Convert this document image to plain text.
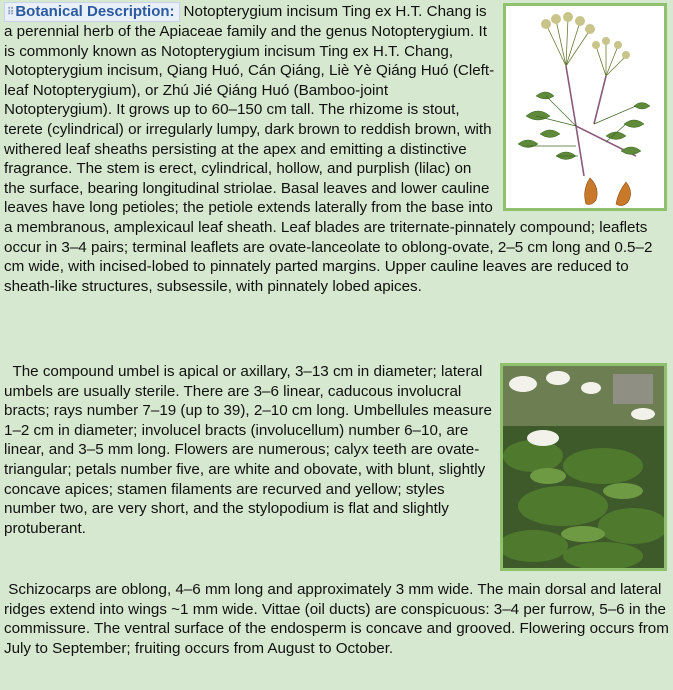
⠿ Botanical Description: Notopterygium incisum Ting ex H.T. Chang is a perennial herb of the Apiaceae family and the genus Notopterygium. It is commonly known as Notopterygium incisum Ting ex H.T. Chang, Notopterygium incisum, Qiang Huó, Cán Qiáng, Liè Yè Qiáng Huó (Cleft-leaf Notopterygium), or Zhú Jié Qiáng Huó (Bamboo-joint Notopterygium). It grows up to 60–150 cm tall. The rhizome is stout, terete (cylindrical) or irregularly lumpy, dark brown to reddish brown, with withered leaf sheaths persisting at the apex and emitting a distinctive fragrance. The stem is erect, cylindrical, hollow, and purplish (lilac) on the surface, bearing longitudinal striolae. Basal leaves and lower cauline leaves have long petioles; the petiole extends laterally from the base into a membranous, amplexicaul leaf sheath. Leaf blades are triternate-pinnately compound; leaflets occur in 3–4 pairs; terminal leaflets are ovate-lanceolate to oblong-ovate, 2–5 cm long and 0.5–2 cm wide, with incised-lobed to pinnately parted margins. Upper cauline leaves are reduced to sheath-like structures, subsessile, with pinnately lobed apices.

The compound umbel is apical or axillary, 3–13 cm in diameter; lateral umbels are usually sterile. There are 3–6 linear, caducous involucral bracts; rays number 7–19 (up to 39), 2–10 cm long. Umbellules measure 1–2 cm in diameter; involucel bracts (involucellum) number 6–10, are linear, and 3–5 mm long. Flowers are numerous; calyx teeth are ovate-triangular; petals number five, are white and obovate, with blunt, slightly concave apices; stamen filaments are recurved and yellow; styles number two, are very short, and the stylopodium is flat and slightly protuberant.

Schizocarps are oblong, 4–6 mm long and approximately 3 mm wide. The main dorsal and lateral ridges extend into wings ~1 mm wide. Vittae (oil ducts) are conspicuous: 3–4 per furrow, 5–6 in the commissure. The ventral surface of the endosperm is concave and grooved. Flowering occurs from July to September; fruiting occurs from August to October.
